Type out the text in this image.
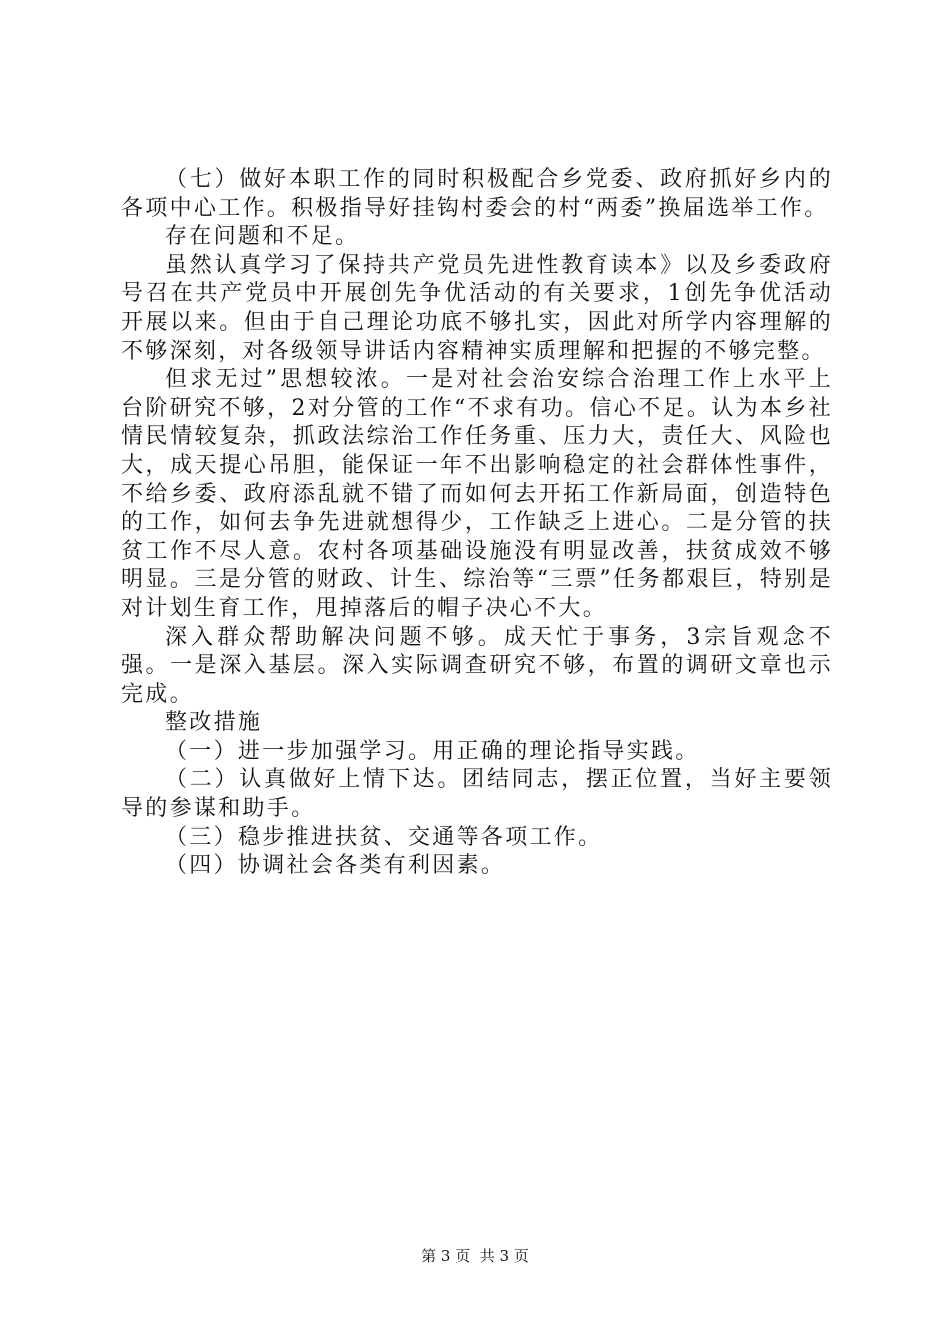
（七）做好本职工作的同时积极配合乡党委、政府抓好乡内的各项中心工作。积极指导好挂钩村委会的村“两委”换届选举工作。

存在问题和不足。

虽然认真学习了保持共产党员先进性教育读本》以及乡委政府号召在共产党员中开展创先争优活动的有关要求，1创先争优活动开展以来。但由于自己理论功底不够扎实，因此对所学内容理解的不够深刻，对各级领导讲话内容精神实质理解和把握的不够完整。

但求无过”思想较浓。一是对社会治安综合治理工作上水平上台阶研究不够，2对分管的工作“不求有功。信心不足。认为本乡社情民情较复杂，抓政法综治工作任务重、压力大，责任大、风险也大，成天提心吊胆，能保证一年不出影响稳定的社会群体性事件，不给乡委、政府添乱就不错了而如何去开拓工作新局面，创造特色的工作，如何去争先进就想得少，工作缺乏上进心。二是分管的扶贫工作不尽人意。农村各项基础设施没有明显改善，扶贫成效不够明显。三是分管的财政、计生、综治等“三票”任务都艰巨，特别是对计划生育工作，甩掉落后的帽子决心不大。

深入群众帮助解决问题不够。成天忙于事务，3宗旨观念不强。一是深入基层。深入实际调查研究不够，布置的调研文章也示完成。

整改措施

（一）进一步加强学习。用正确的理论指导实践。

（二）认真做好上情下达。团结同志，摆正位置，当好主要领导的参谋和助手。

（三）稳步推进扶贫、交通等各项工作。

（四）协调社会各类有利因素。

第 3 页  共 3 页
